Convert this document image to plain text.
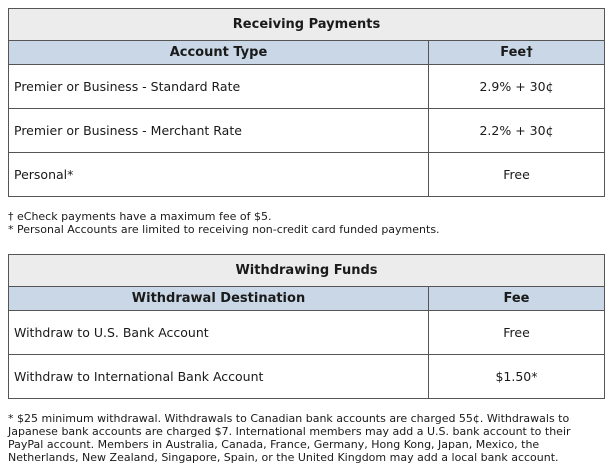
Receiving Payments	
Account Type	Fee†
Premier or Business - Standard Rate	2.9% + 30¢
Premier or Business - Merchant Rate	2.2% + 30¢
Personal*	Free
† eCheck payments have a maximum fee of $5.
* Personal Accounts are limited to receiving non-credit card funded payments.
Withdrawing Funds	
Withdrawal Destination	Fee
Withdraw to U.S. Bank Account	Free
Withdraw to International Bank Account	$1.50*

* $25 minimum withdrawal. Withdrawals to Canadian bank accounts are charged 55¢. Withdrawals to Japanese bank accounts are charged $7. International members may add a U.S. bank account to their PayPal account. Members in Australia, Canada, France, Germany, Hong Kong, Japan, Mexico, the Netherlands, New Zealand, Singapore, Spain, or the United Kingdom may add a local bank account.
